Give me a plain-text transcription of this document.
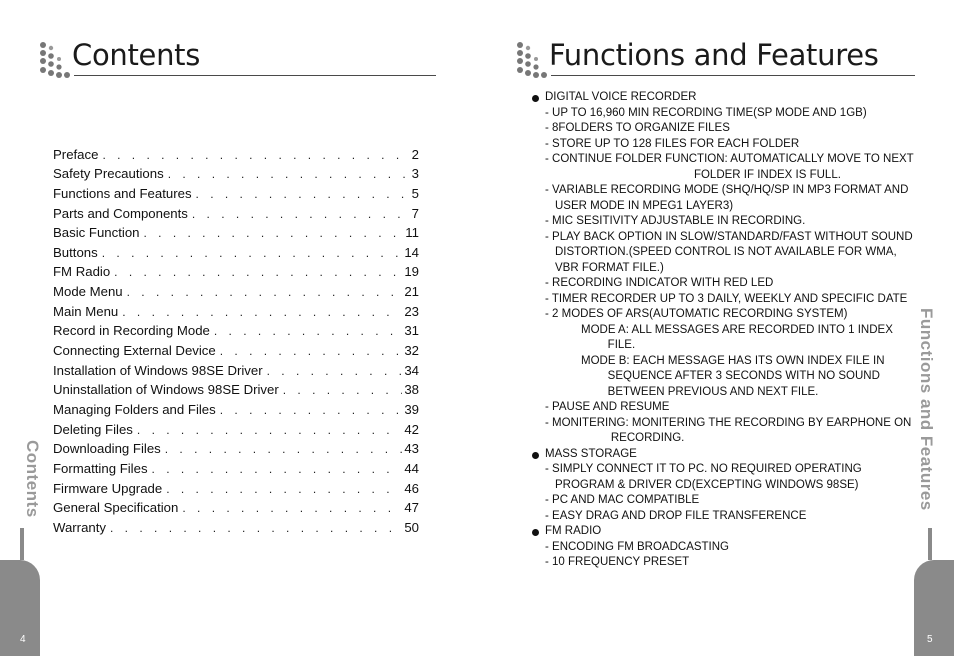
Contents
Preface . . .	2
Safety Precautions . . .	3
Functions and Features . . .	5
Parts and Components . . .	7
Basic Function . . .	11
Buttons . . .	14
FM Radio . . .	19
Mode Menu . . .	21
Main Menu . . .	23
Record in Recording Mode . . .	31
Connecting External Device . . .	32
Installation of Windows 98SE Driver . . .	34
Uninstallation of Windows 98SE Driver . . .	38
Managing Folders and Files . . .	39
Deleting Files . . .	42
Downloading Files . . .	43
Formatting Files . . .	44
Firmware Upgrade . . .	46
General Specification . . .	47
Warranty . . .	50
Functions and Features
DIGITAL VOICE RECORDER
- UP TO 16,960 MIN RECORDING TIME(SP MODE AND 1GB)
- 8FOLDERS TO ORGANIZE FILES
- STORE UP TO 128 FILES FOR EACH FOLDER
- CONTINUE FOLDER FUNCTION: AUTOMATICALLY MOVE TO NEXT
FOLDER IF INDEX IS FULL.
- VARIABLE RECORDING MODE (SHQ/HQ/SP IN MP3 FORMAT AND
USER MODE IN MPEG1 LAYER3)
- MIC SESITIVITY ADJUSTABLE IN RECORDING.
- PLAY BACK OPTION IN SLOW/STANDARD/FAST WITHOUT SOUND
DISTORTION.(SPEED CONTROL IS NOT AVAILABLE FOR WMA,
VBR FORMAT FILE.)
- RECORDING INDICATOR WITH RED LED
- TIMER RECORDER UP TO 3 DAILY, WEEKLY AND SPECIFIC DATE
- 2 MODES OF ARS(AUTOMATIC RECORDING SYSTEM)
MODE A: ALL MESSAGES ARE RECORDED INTO 1 INDEX
FILE.
MODE B: EACH MESSAGE HAS ITS OWN INDEX FILE IN
SEQUENCE AFTER 3 SECONDS WITH NO SOUND
BETWEEN PREVIOUS AND NEXT FILE.
- PAUSE AND RESUME
- MONITERING: MONITERING THE RECORDING BY EARPHONE ON
RECORDING.
MASS STORAGE
- SIMPLY CONNECT IT TO PC. NO REQUIRED OPERATING
PROGRAM & DRIVER CD(EXCEPTING WINDOWS 98SE)
- PC AND MAC COMPATIBLE
- EASY DRAG AND DROP FILE TRANSFERENCE
FM RADIO
- ENCODING FM BROADCASTING
- 10 FREQUENCY PRESET
Contents
4
Functions and Features
5
